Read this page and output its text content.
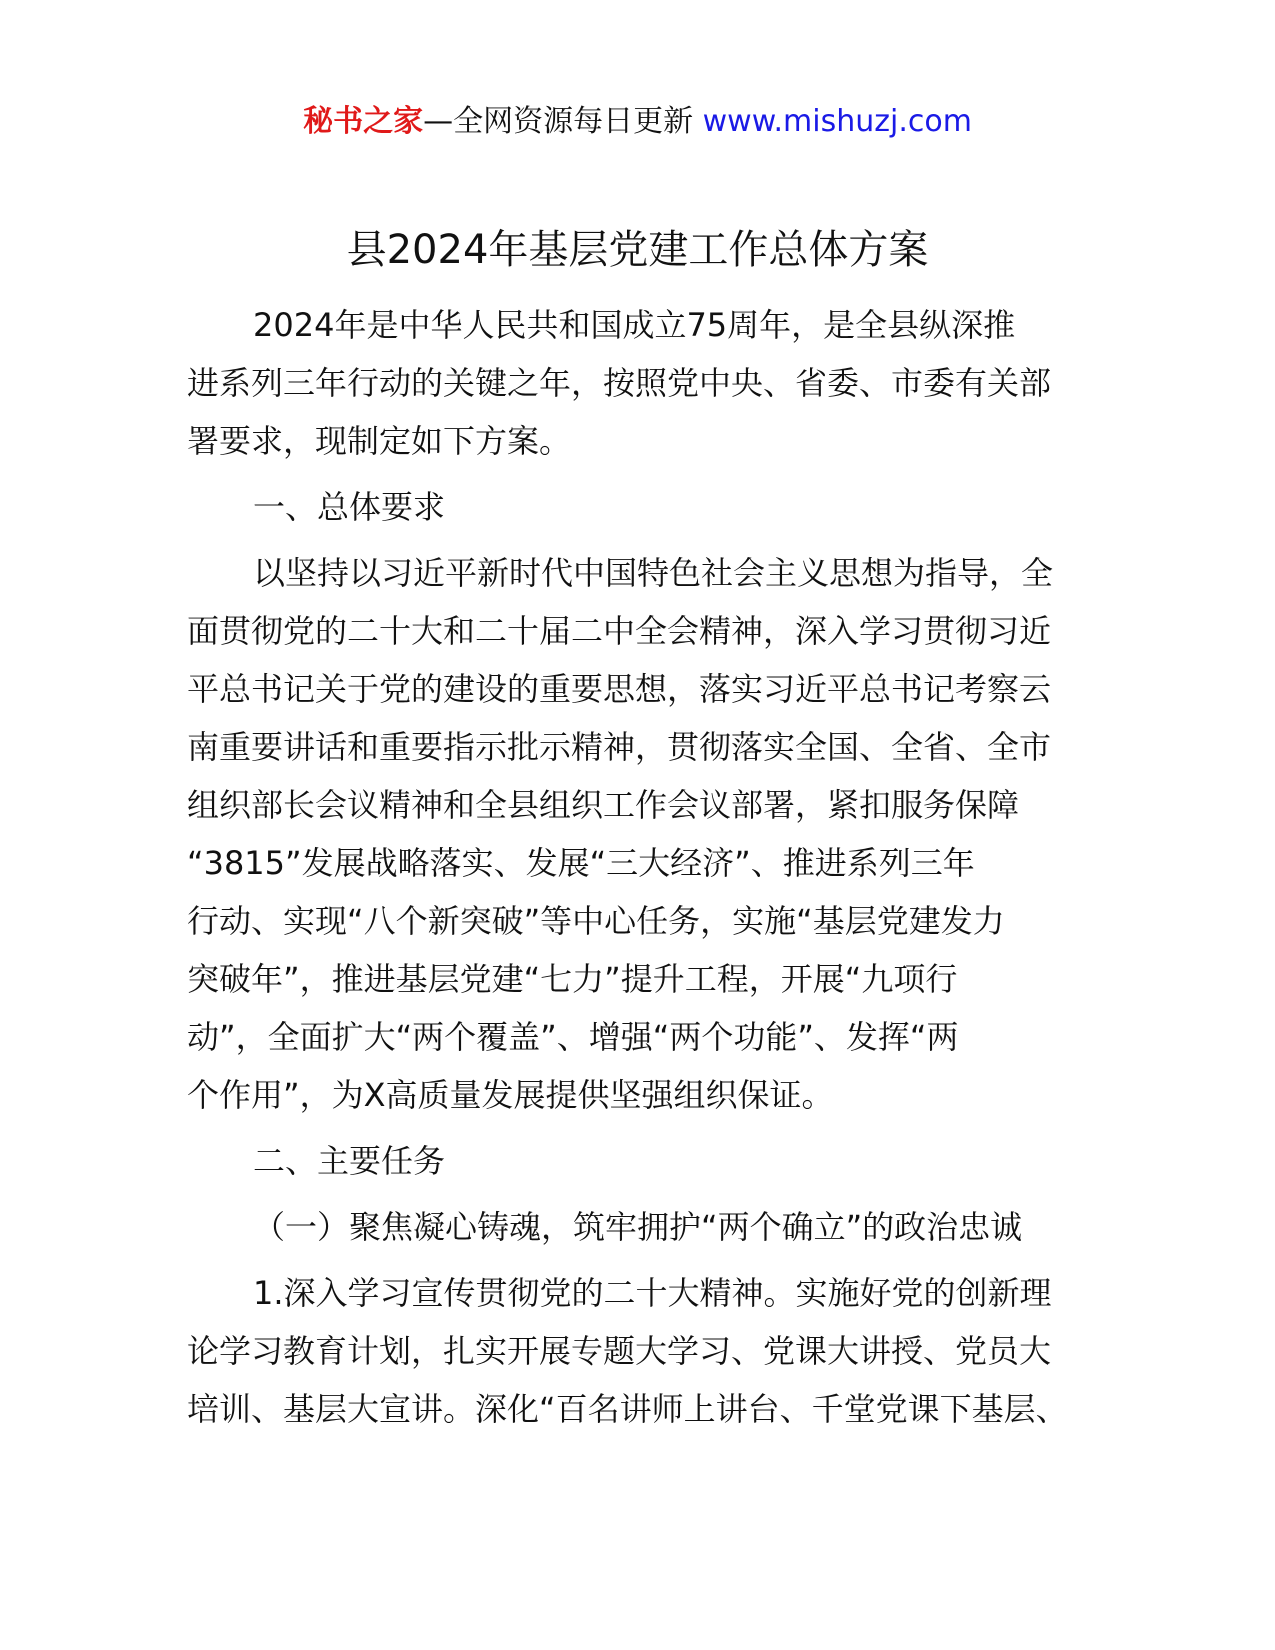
秘书之家—全网资源每日更新 www.mishuzj.com
县2024年基层党建工作总体方案
2024年是中华人民共和国成立75周年，是全县纵深推
进系列三年行动的关键之年，按照党中央、省委、市委有关部
署要求，现制定如下方案。
一、总体要求
以坚持以习近平新时代中国特色社会主义思想为指导，全
面贯彻党的二十大和二十届二中全会精神，深入学习贯彻习近
平总书记关于党的建设的重要思想，落实习近平总书记考察云
南重要讲话和重要指示批示精神，贯彻落实全国、全省、全市
组织部长会议精神和全县组织工作会议部署，紧扣服务保障
“3815”发展战略落实、发展“三大经济”、推进系列三年
行动、实现“八个新突破”等中心任务，实施“基层党建发力
突破年”，推进基层党建“七力”提升工程，开展“九项行
动”，全面扩大“两个覆盖”、增强“两个功能”、发挥“两
个作用”，为X高质量发展提供坚强组织保证。
二、主要任务
（一）聚焦凝心铸魂，筑牢拥护“两个确立”的政治忠诚
1.深入学习宣传贯彻党的二十大精神。实施好党的创新理
论学习教育计划，扎实开展专题大学习、党课大讲授、党员大
培训、基层大宣讲。深化“百名讲师上讲台、千堂党课下基层、
